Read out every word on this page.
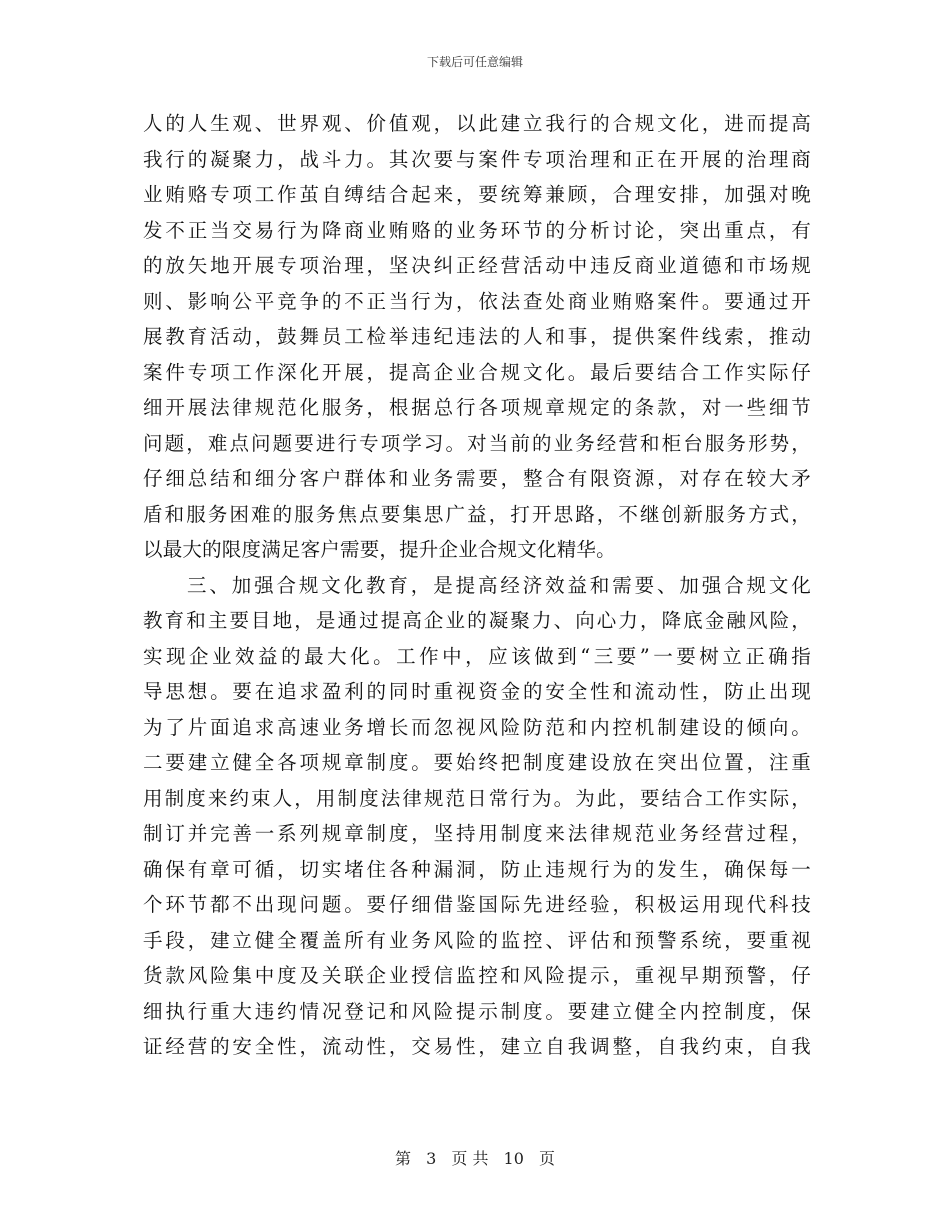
下载后可任意编辑
人的人生观、世界观、价值观，以此建立我行的合规文化，进而提高
我行的凝聚力，战斗力。其次要与案件专项治理和正在开展的治理商
业贿赂专项工作茧自缚结合起来，要统筹兼顾，合理安排，加强对晚
发不正当交易行为降商业贿赂的业务环节的分析讨论，突出重点，有
的放矢地开展专项治理，坚决纠正经营活动中违反商业道德和市场规
则、影响公平竞争的不正当行为，依法查处商业贿赂案件。要通过开
展教育活动，鼓舞员工检举违纪违法的人和事，提供案件线索，推动
案件专项工作深化开展，提高企业合规文化。最后要结合工作实际仔
细开展法律规范化服务，根据总行各项规章规定的条款，对一些细节
问题，难点问题要进行专项学习。对当前的业务经营和柜台服务形势，
仔细总结和细分客户群体和业务需要，整合有限资源，对存在较大矛
盾和服务困难的服务焦点要集思广益，打开思路，不继创新服务方式，
以最大的限度满足客户需要，提升企业合规文化精华。
三、加强合规文化教育，是提高经济效益和需要、加强合规文化
教育和主要目地，是通过提高企业的凝聚力、向心力，降底金融风险，
实现企业效益的最大化。工作中，应该做到“三要”一要树立正确指
导思想。要在追求盈利的同时重视资金的安全性和流动性，防止出现
为了片面追求高速业务增长而忽视风险防范和内控机制建设的倾向。
二要建立健全各项规章制度。要始终把制度建设放在突出位置，注重
用制度来约束人，用制度法律规范日常行为。为此，要结合工作实际，
制订并完善一系列规章制度，坚持用制度来法律规范业务经营过程，
确保有章可循，切实堵住各种漏洞，防止违规行为的发生，确保每一
个环节都不出现问题。要仔细借鉴国际先进经验，积极运用现代科技
手段，建立健全覆盖所有业务风险的监控、评估和预警系统，要重视
货款风险集中度及关联企业授信监控和风险提示，重视早期预警，仔
细执行重大违约情况登记和风险提示制度。要建立健全内控制度，保
证经营的安全性，流动性，交易性，建立自我调整，自我约束，自我
第 3 页 共 10 页
